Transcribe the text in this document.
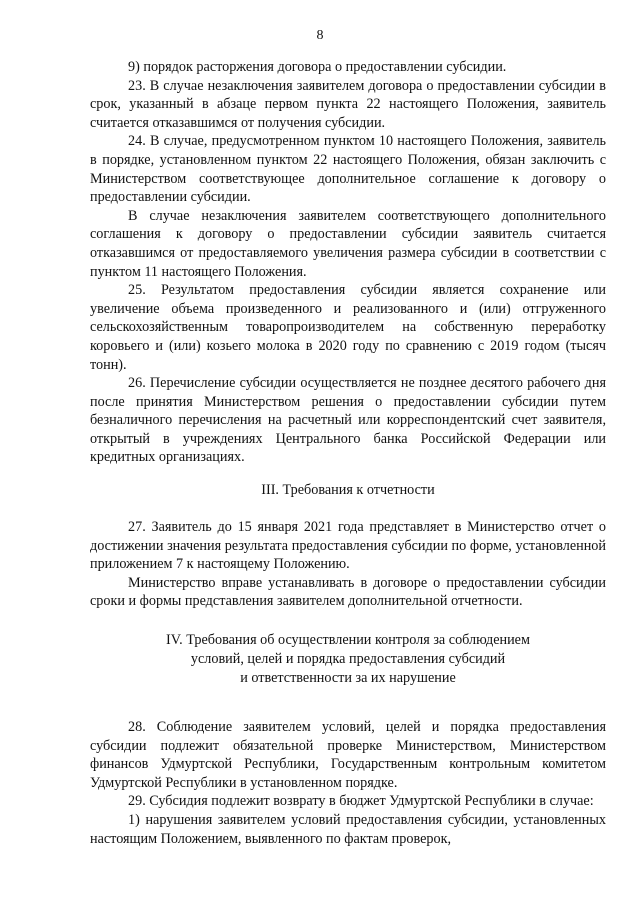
8

9) порядок расторжения договора о предоставлении субсидии.

23. В случае незаключения заявителем договора о предоставлении субсидии в срок, указанный в абзаце первом пункта 22 настоящего Положения, заявитель считается отказавшимся от получения субсидии.

24. В случае, предусмотренном пунктом 10 настоящего Положения, заявитель в порядке, установленном пунктом 22 настоящего Положения, обязан заключить с Министерством соответствующее дополнительное соглашение к договору о предоставлении субсидии.

В случае незаключения заявителем соответствующего дополнительного соглашения к договору о предоставлении субсидии заявитель считается отказавшимся от предоставляемого увеличения размера субсидии в соответствии с пунктом 11 настоящего Положения.

25. Результатом предоставления субсидии является сохранение или увеличение объема произведенного и реализованного и (или) отгруженного сельскохозяйственным товаропроизводителем на собственную переработку коровьего и (или) козьего молока в 2020 году по сравнению с 2019 годом (тысяч тонн).

26. Перечисление субсидии осуществляется не позднее десятого рабочего дня после принятия Министерством решения о предоставлении субсидии путем безналичного перечисления на расчетный или корреспондентский счет заявителя, открытый в учреждениях Центрального банка Российской Федерации или кредитных организациях.

III. Требования к отчетности

27. Заявитель до 15 января 2021 года представляет в Министерство отчет о достижении значения результата предоставления субсидии по форме, установленной приложением 7 к настоящему Положению.

Министерство вправе устанавливать в договоре о предоставлении субсидии сроки и формы представления заявителем дополнительной отчетности.

IV. Требования об осуществлении контроля за соблюдением

условий, целей и порядка предоставления субсидий

и ответственности за их нарушение

28. Соблюдение заявителем условий, целей и порядка предоставления субсидии подлежит обязательной проверке Министерством, Министерством финансов Удмуртской Республики, Государственным контрольным комитетом Удмуртской Республики в установленном порядке.

29. Субсидия подлежит возврату в бюджет Удмуртской Республики в случае:

1) нарушения заявителем условий предоставления субсидии, установленных настоящим Положением, выявленного по фактам проверок,
